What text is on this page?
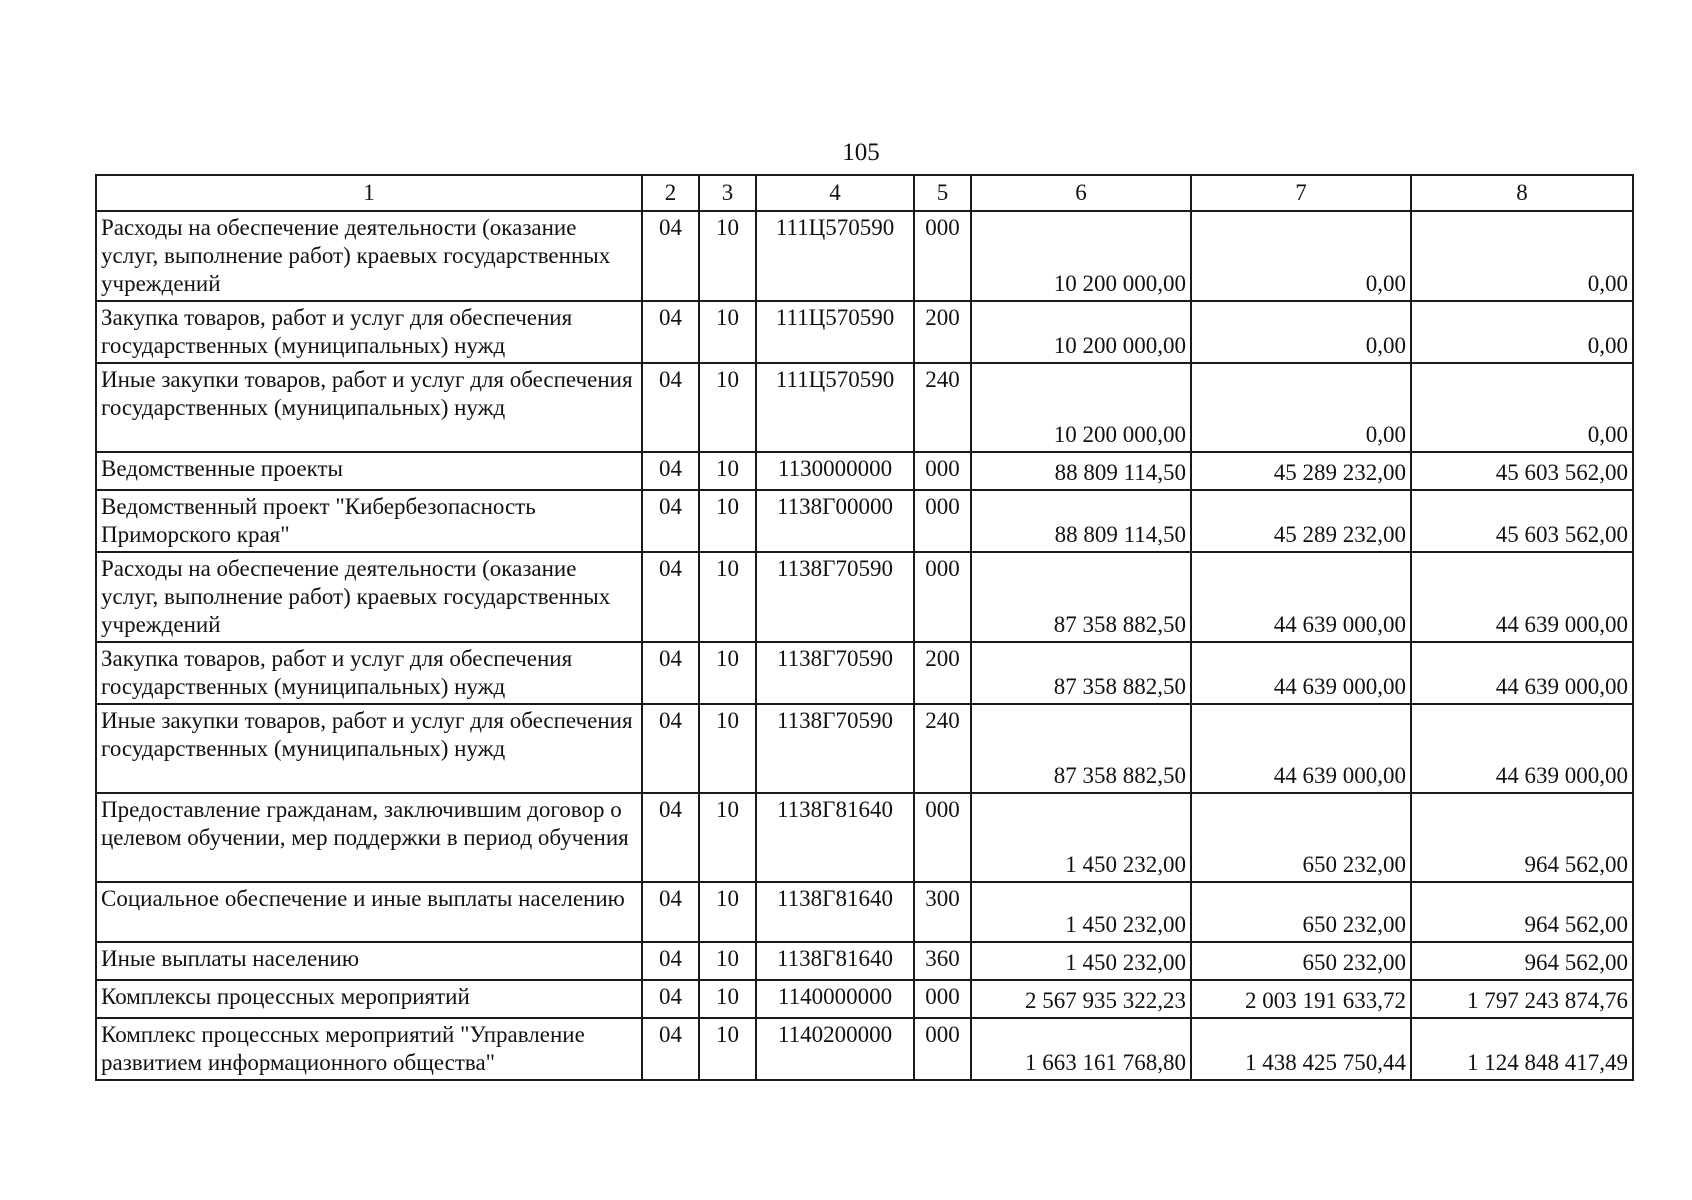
105
1	2	3	4	5	6	7	8
Расходы на обеспечение деятельности (оказание услуг, выполнение работ) краевых государственных учреждений	04	10	111Ц570590	000	10 200 000,00	0,00	0,00
Закупка товаров, работ и услуг для обеспечения государственных (муниципальных) нужд	04	10	111Ц570590	200	10 200 000,00	0,00	0,00
Иные закупки товаров, работ и услуг для обеспечения государственных (муниципальных) нужд	04	10	111Ц570590	240	10 200 000,00	0,00	0,00
Ведомственные проекты	04	10	1130000000	000	88 809 114,50	45 289 232,00	45 603 562,00
Ведомственный проект "Кибербезопасность Приморского края"	04	10	1138Г00000	000	88 809 114,50	45 289 232,00	45 603 562,00
Расходы на обеспечение деятельности (оказание услуг, выполнение работ) краевых государственных учреждений	04	10	1138Г70590	000	87 358 882,50	44 639 000,00	44 639 000,00
Закупка товаров, работ и услуг для обеспечения государственных (муниципальных) нужд	04	10	1138Г70590	200	87 358 882,50	44 639 000,00	44 639 000,00
Иные закупки товаров, работ и услуг для обеспечения государственных (муниципальных) нужд	04	10	1138Г70590	240	87 358 882,50	44 639 000,00	44 639 000,00
Предоставление гражданам, заключившим договор о целевом обучении, мер поддержки в период обучения	04	10	1138Г81640	000	1 450 232,00	650 232,00	964 562,00
Социальное обеспечение и иные выплаты населению	04	10	1138Г81640	300	1 450 232,00	650 232,00	964 562,00
Иные выплаты населению	04	10	1138Г81640	360	1 450 232,00	650 232,00	964 562,00
Комплексы процессных мероприятий	04	10	1140000000	000	2 567 935 322,23	2 003 191 633,72	1 797 243 874,76
Комплекс процессных мероприятий "Управление развитием информационного общества"	04	10	1140200000	000	1 663 161 768,80	1 438 425 750,44	1 124 848 417,49
